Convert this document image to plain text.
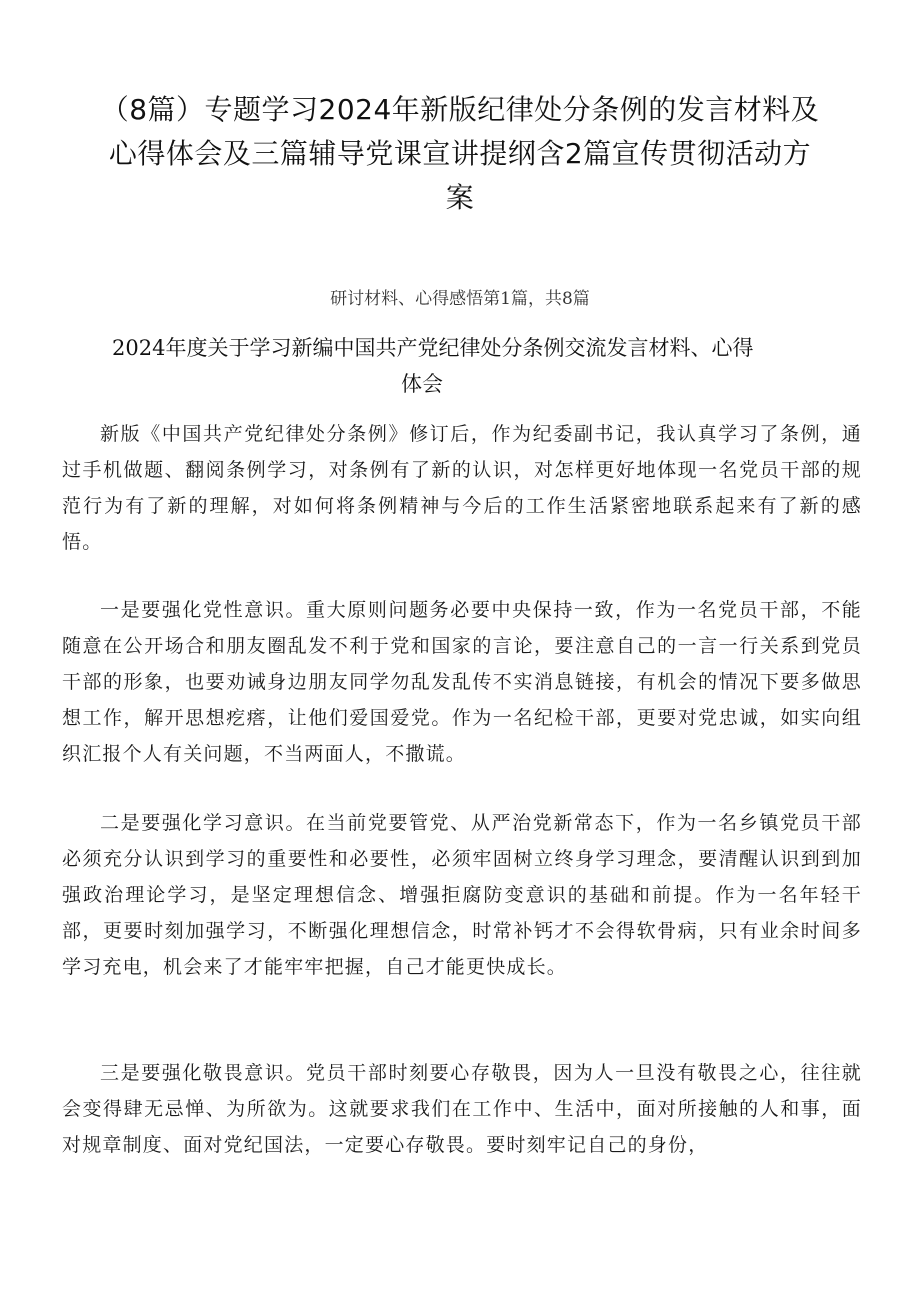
（8篇）专题学习2024年新版纪律处分条例的发言材料及心得体会及三篇辅导党课宣讲提纲含2篇宣传贯彻活动方案

研讨材料、心得感悟第1篇，共8篇

2024年度关于学习新编中国共产党纪律处分条例交流发言材料、心得
体会

新版《中国共产党纪律处分条例》修订后，作为纪委副书记，我认真学习了条例，通过手机做题、翻阅条例学习，对条例有了新的认识，对怎样更好地体现一名党员干部的规范行为有了新的理解，对如何将条例精神与今后的工作生活紧密地联系起来有了新的感悟。

一是要强化党性意识。重大原则问题务必要中央保持一致，作为一名党员干部，不能随意在公开场合和朋友圈乱发不利于党和国家的言论，要注意自己的一言一行关系到党员干部的形象，也要劝诫身边朋友同学勿乱发乱传不实消息链接，有机会的情况下要多做思想工作，解开思想疙瘩，让他们爱国爱党。作为一名纪检干部，更要对党忠诚，如实向组织汇报个人有关问题，不当两面人，不撒谎。

二是要强化学习意识。在当前党要管党、从严治党新常态下，作为一名乡镇党员干部必须充分认识到学习的重要性和必要性，必须牢固树立终身学习理念，要清醒认识到到加强政治理论学习，是坚定理想信念、增强拒腐防变意识的基础和前提。作为一名年轻干部，更要时刻加强学习，不断强化理想信念，时常补钙才不会得软骨病，只有业余时间多学习充电，机会来了才能牢牢把握，自己才能更快成长。

三是要强化敬畏意识。党员干部时刻要心存敬畏，因为人一旦没有敬畏之心，往往就会变得肆无忌惮、为所欲为。这就要求我们在工作中、生活中，面对所接触的人和事，面对规章制度、面对党纪国法，一定要心存敬畏。要时刻牢记自己的身份，
